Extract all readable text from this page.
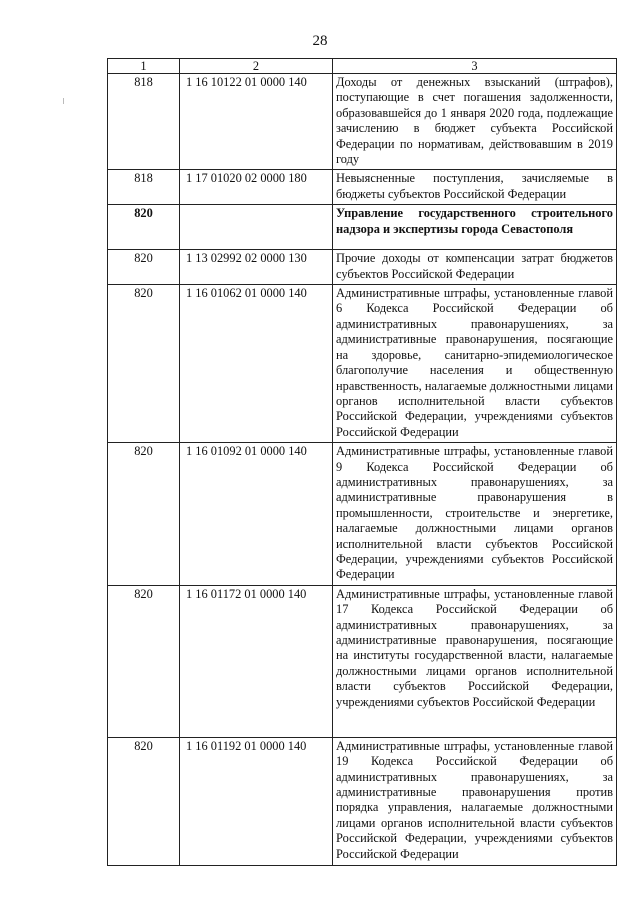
28
1	2	3
818	1 16 10122 01 0000 140	Доходы от денежных взысканий (штрафов), поступающие в счет погашения задолженности, образовавшейся до 1 января 2020 года, подлежащие зачислению в бюджет субъекта Российской Федерации по нормативам, действовавшим в 2019 году
818	1 17 01020 02 0000 180	Невыясненные поступления, зачисляемые в бюджеты субъектов Российской Федерации
820		Управление государственного строительного надзора и экспертизы города Севастополя
820	1 13 02992 02 0000 130	Прочие доходы от компенсации затрат бюджетов субъектов Российской Федерации
820	1 16 01062 01 0000 140	Административные штрафы, установленные главой 6 Кодекса Российской Федерации об административных правонарушениях, за административные правонарушения, посягающие на здоровье, санитарно-эпидемиологическое благополучие населения и общественную нравственность, налагаемые должностными лицами органов исполнительной власти субъектов Российской Федерации, учреждениями субъектов Российской Федерации
820	1 16 01092 01 0000 140	Административные штрафы, установленные главой 9 Кодекса Российской Федерации об административных правонарушениях, за административные правонарушения в промышленности, строительстве и энергетике, налагаемые должностными лицами органов исполнительной власти субъектов Российской Федерации, учреждениями субъектов Российской Федерации
820	1 16 01172 01 0000 140	Административные штрафы, установленные главой 17 Кодекса Российской Федерации об административных правонарушениях, за административные правонарушения, посягающие на институты государственной власти, налагаемые должностными лицами органов исполнительной власти субъектов Российской Федерации, учреждениями субъектов Российской Федерации
820	1 16 01192 01 0000 140	Административные штрафы, установленные главой 19 Кодекса Российской Федерации об административных правонарушениях, за административные правонарушения против порядка управления, налагаемые должностными лицами органов исполнительной власти субъектов Российской Федерации, учреждениями субъектов Российской Федерации
